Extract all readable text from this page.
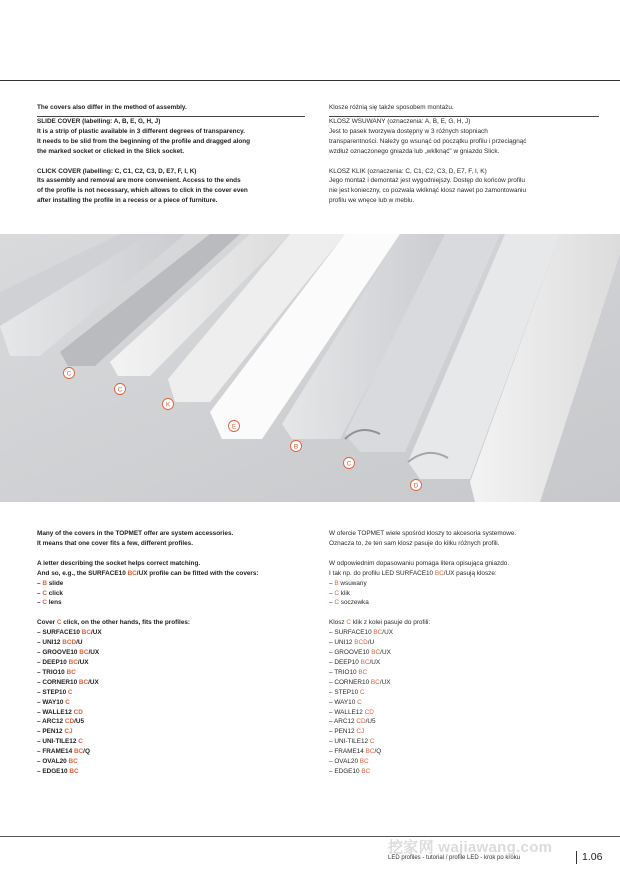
The covers also differ in the method of assembly.

SLIDE COVER (labelling: A, B, E, G, H, J)

It is a strip of plastic available in 3 different degrees of transparency.

It needs to be slid from the beginning of the profile and dragged along

the marked socket or clicked in the Slick socket.

CLICK COVER (labelling: C, C1, C2, C3, D, E7, F, I, K)

Its assembly and removal are more convenient. Access to the ends

of the profile is not necessary, which allows to click in the cover even

after installing the profile in a recess or a piece of furniture.

Klosze różnią się także sposobem montażu.

KLOSZ WSUWANY (oznaczenia: A, B, E, G, H, J)

Jest to pasek tworzywa dostępny w 3 różnych stopniach

transparentności. Należy go wsunąć od początku profilu i przeciągnąć

wzdłuż oznaczonego gniazda lub „wklknąć" w gniazdo Slick.

KLOSZ KLIK (oznaczenia: C, C1, C2, C3, D, E7, F, I, K)

Jego montaż i demontaż jest wygodniejszy. Dostęp do końców profilu

nie jest konieczny, co pozwala wklknąć klosz nawet po zamontowaniu

profilu we wnęce lub w meblu.

C
C
K
E
B
C
D

Many of the covers in the TOPMET offer are system accessories.

It means that one cover fits a few, different profiles.

A letter describing the socket helps correct matching.

And so, e.g., the SURFACE10 BC/UX profile can be fitted with the covers:

– B slide

– C click

– C lens

Cover C click, on the other hands, fits the profiles:

– SURFACE10 BC/UX

– UNI12 BCD/U

– GROOVE10 BC/UX

– DEEP10 BC/UX

– TRIO10 BC

– CORNER10 BC/UX

– STEP10 C

– WAY10 C

– WALLE12 CD

– ARC12 CD/U5

– PEN12 CJ

– UNI-TILE12 C

– FRAME14 BC/Q

– OVAL20 BC

– EDGE10 BC

W ofercie TOPMET wiele spośród kloszy to akcesoria systemowe.

Oznacza to, że ten sam klosz pasuje do kilku różnych profili.

W odpowiednim dopasowaniu pomaga litera opisująca gniazdo.

I tak np. do profilu LED SURFACE10 BC/UX pasują klosze:

– B wsuwany

– C klik

– C soczewka

Klosz C klik z kolei pasuje do profili:

– SURFACE10 BC/UX

– UNI12 BCD/U

– GROOVE10 BC/UX

– DEEP10 BC/UX

– TRIO10 BC

– CORNER10 BC/UX

– STEP10 C

– WAY10 C

– WALLE12 CD

– ARC12 CD/U5

– PEN12 CJ

– UNI-TILE12 C

– FRAME14 BC/Q

– OVAL20 BC

– EDGE10 BC

挖家网 wajiawang.com
LED profiles - tutorial / profile LED - krok po kroku	1.06
